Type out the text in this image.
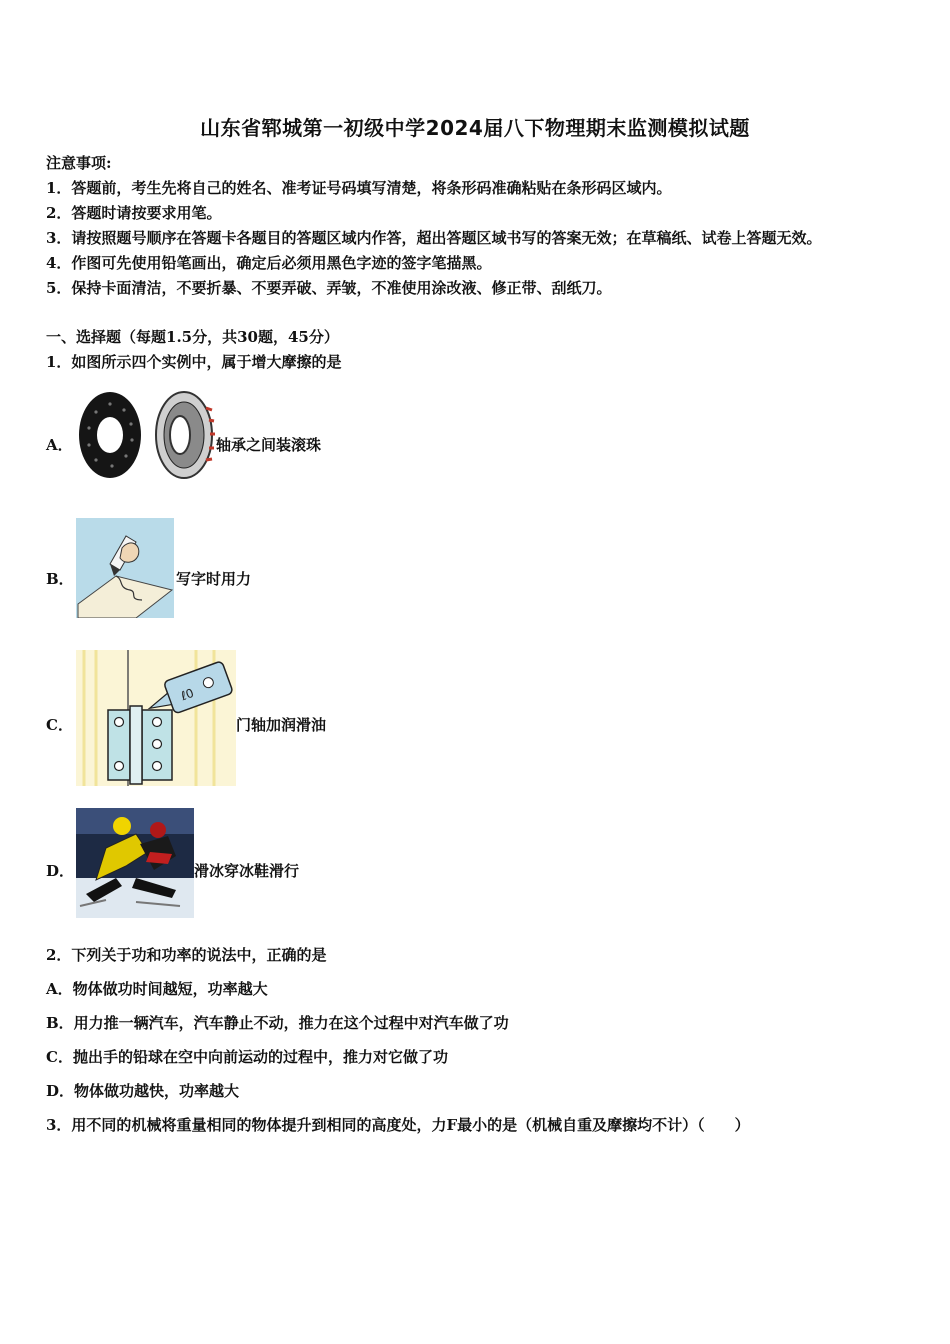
山东省郓城第一初级中学2024届八下物理期末监测模拟试题
注意事项:
1．答题前，考生先将自己的姓名、准考证号码填写清楚，将条形码准确粘贴在条形码区域内。
2．答题时请按要求用笔。
3．请按照题号顺序在答题卡各题目的答题区域内作答，超出答题区域书写的答案无效；在草稿纸、试卷上答题无效。
4．作图可先使用铅笔画出，确定后必须用黑色字迹的签字笔描黑。
5．保持卡面清洁，不要折暴、不要弄破、弄皱，不准使用涂改液、修正带、刮纸刀。
一、选择题（每题1.5分，共30题，45分）
1．如图所示四个实例中，属于增大摩擦的是
A．	轴承之间装滚珠
B．	写字时用力
C．
ℓ0
门轴加润滑油
D．	滑冰穿冰鞋滑行
2．下列关于功和功率的说法中，正确的是
A．物体做功时间越短，功率越大
B．用力推一辆汽车，汽车静止不动，推力在这个过程中对汽车做了功
C．抛出手的铅球在空中向前运动的过程中，推力对它做了功
D．物体做功越快，功率越大
3．用不同的机械将重量相同的物体提升到相同的高度处，力F最小的是（机械自重及摩擦均不计）（　　）
